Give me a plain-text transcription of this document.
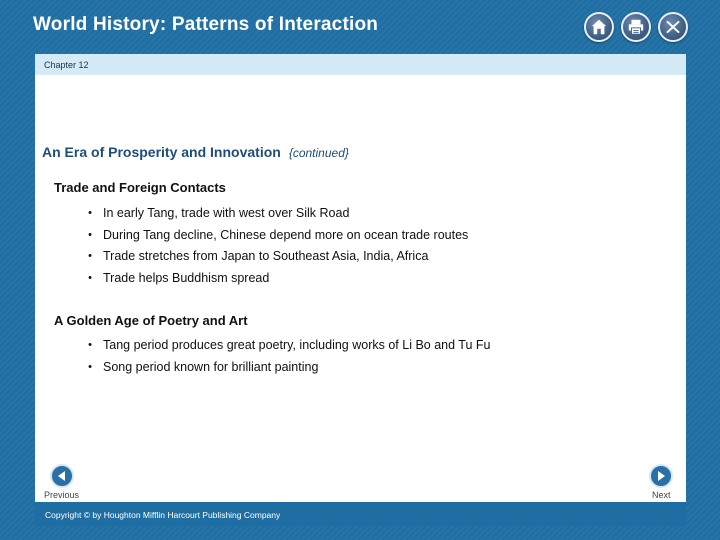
World History: Patterns of Interaction
Chapter 12
An Era of Prosperity and Innovation {continued}
Trade and Foreign Contacts
• In early Tang, trade with west over Silk Road
• During Tang decline, Chinese depend more on ocean trade routes
• Trade stretches from Japan to Southeast Asia, India, Africa
• Trade helps Buddhism spread
A Golden Age of Poetry and Art
• Tang period produces great poetry, including works of Li Bo and Tu Fu
• Song period known for brilliant painting
Previous	Next
Copyright © by Houghton Mifflin Harcourt Publishing Company
